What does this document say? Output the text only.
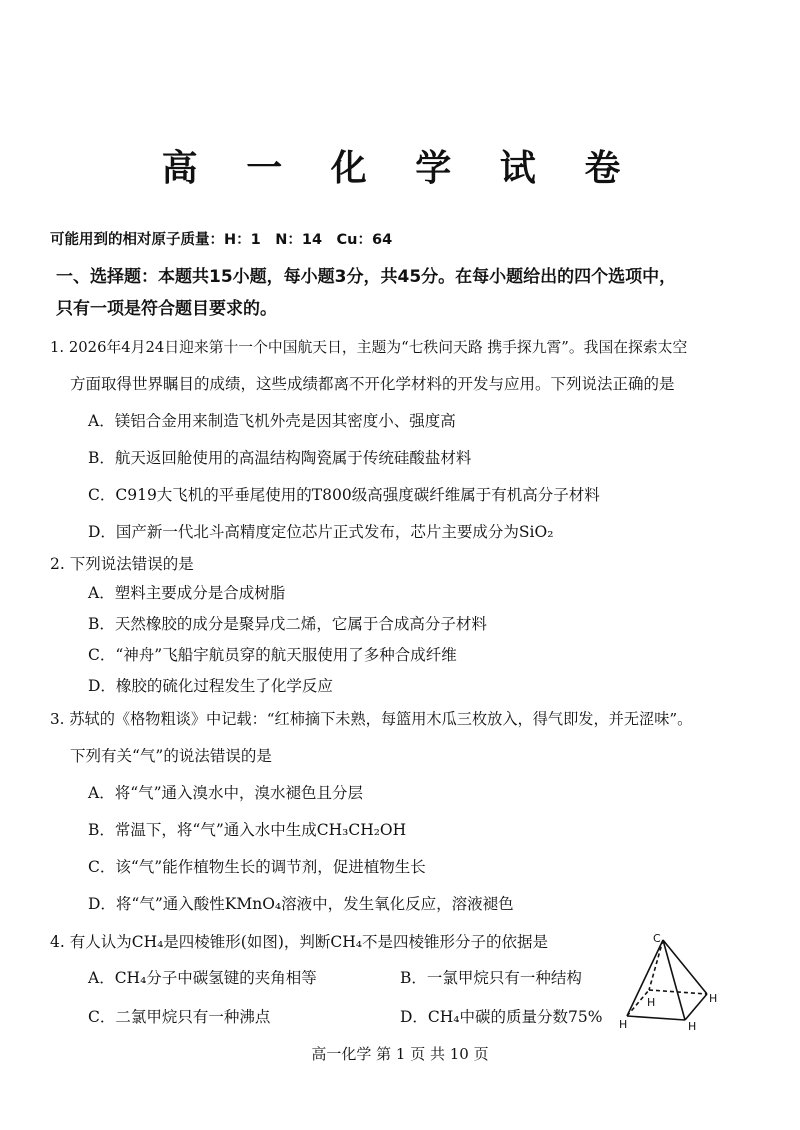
高 一 化 学 试 卷
可能用到的相对原子质量：H：1　N：14　Cu：64
一、选择题：本题共15小题，每小题3分，共45分。在每小题给出的四个选项中，
只有一项是符合题目要求的。
1. 2026年4月24日迎来第十一个中国航天日，主题为“七秩问天路 携手探九霄”。我国在探索太空
方面取得世界瞩目的成绩，这些成绩都离不开化学材料的开发与应用。下列说法正确的是
A．镁铝合金用来制造飞机外壳是因其密度小、强度高
B．航天返回舱使用的高温结构陶瓷属于传统硅酸盐材料
C．C919大飞机的平垂尾使用的T800级高强度碳纤维属于有机高分子材料
D．国产新一代北斗高精度定位芯片正式发布，芯片主要成分为SiO₂
2. 下列说法错误的是
A．塑料主要成分是合成树脂
B．天然橡胶的成分是聚异戊二烯，它属于合成高分子材料
C．“神舟”飞船宇航员穿的航天服使用了多种合成纤维
D．橡胶的硫化过程发生了化学反应
3. 苏轼的《格物粗谈》中记载：“红柿摘下未熟，每篮用木瓜三枚放入，得气即发，并无涩味”。
下列有关“气”的说法错误的是
A．将“气”通入溴水中，溴水褪色且分层
B．常温下，将“气”通入水中生成CH₃CH₂OH
C．该“气”能作植物生长的调节剂，促进植物生长
D．将“气”通入酸性KMnO₄溶液中，发生氧化反应，溶液褪色
4. 有人认为CH₄是四棱锥形(如图)，判断CH₄不是四棱锥形分子的依据是
A．CH₄分子中碳氢键的夹角相等	B．一氯甲烷只有一种结构
C．二氯甲烷只有一种沸点	D．CH₄中碳的质量分数75%
C
H	H
H
H
高一化学 第 1 页 共 10 页
